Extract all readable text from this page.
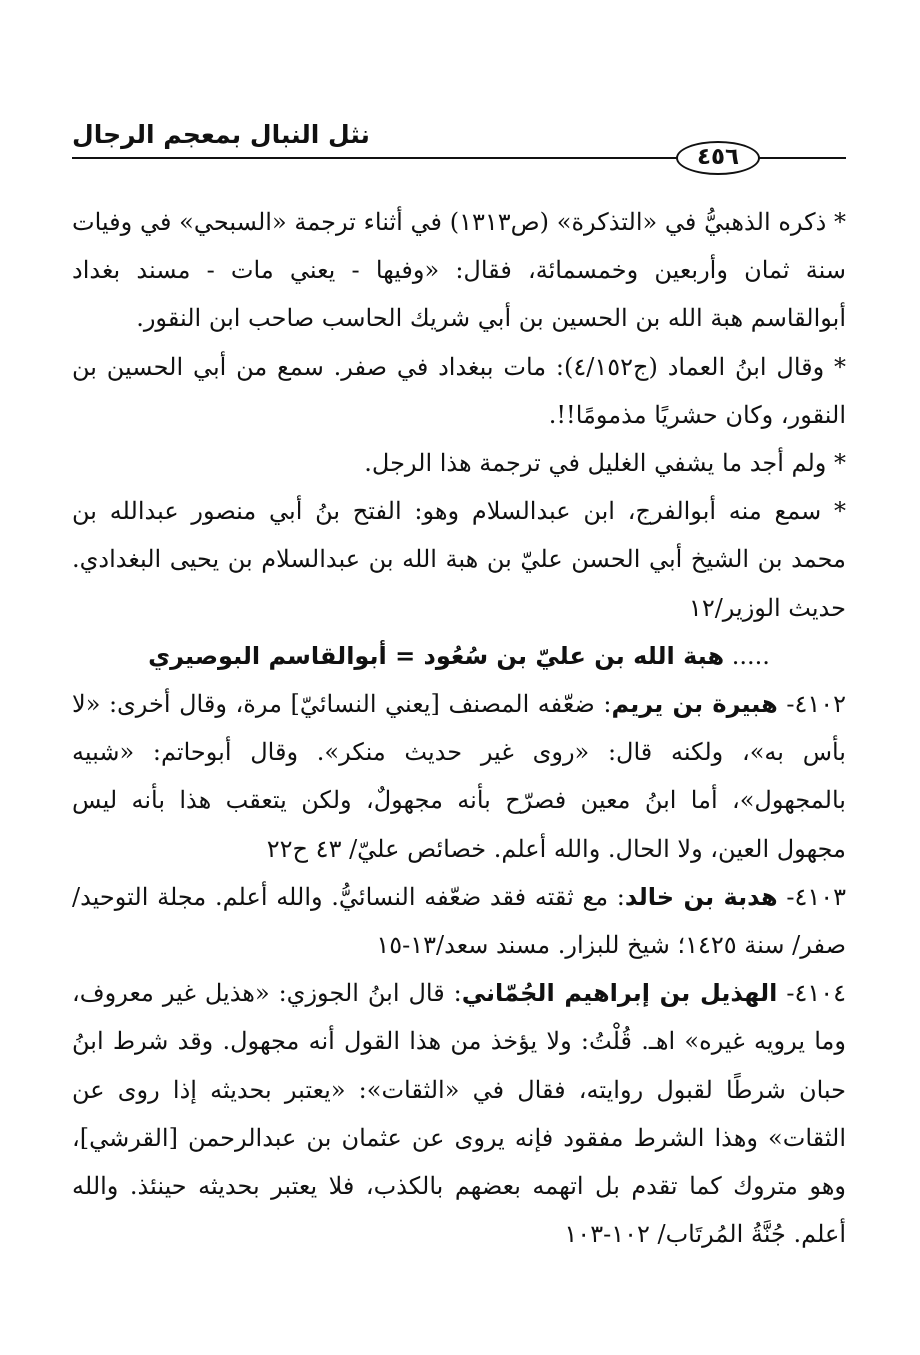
نثل النبال بمعجم الرجال
٤٥٦

* ذكره الذهبيُّ في «التذكرة» (ص١٣١٣) في أثناء ترجمة «السبحي» في وفيات سنة ثمان وأربعين وخمسمائة، فقال: «وفيها - يعني مات - مسند بغداد أبوالقاسم هبة الله بن الحسين بن أبي شريك الحاسب صاحب ابن النقور.

* وقال ابنُ العماد (ج٤/١٥٢): مات ببغداد في صفر. سمع من أبي الحسين بن النقور، وكان حشريًا مذمومًا!!.

* ولم أجد ما يشفي الغليل في ترجمة هذا الرجل.

* سمع منه أبوالفرج، ابن عبدالسلام وهو: الفتح بنُ أبي منصور عبدالله بن محمد بن الشيخ أبي الحسن عليّ بن هبة الله بن عبدالسلام بن يحيى البغدادي. حديث الوزير/١٢

..... هبة الله بن عليّ بن سُعُود = أبوالقاسم البوصيري

٤١٠٢- هبيرة بن يريم: ضعّفه المصنف [يعني النسائيّ] مرة، وقال أخرى: «لا بأس به»، ولكنه قال: «روى غير حديث منكر». وقال أبوحاتم: «شبيه بالمجهول»، أما ابنُ معين فصرّح بأنه مجهولٌ، ولكن يتعقب هذا بأنه ليس مجهول العين، ولا الحال. والله أعلم. خصائص عليّ/ ٤٣ ح٢٢

٤١٠٣- هدبة بن خالد: مع ثقته فقد ضعّفه النسائيُّ. والله أعلم. مجلة التوحيد/ صفر/ سنة ١٤٢٥؛ شيخ للبزار. مسند سعد/١٣-١٥

٤١٠٤- الهذيل بن إبراهيم الجُمّاني: قال ابنُ الجوزي: «هذيل غير معروف، وما يرويه غيره» اهـ. قُلْتُ: ولا يؤخذ من هذا القول أنه مجهول. وقد شرط ابنُ حبان شرطًا لقبول روايته، فقال في «الثقات»: «يعتبر بحديثه إذا روى عن الثقات» وهذا الشرط مفقود فإنه يروى عن عثمان بن عبدالرحمن [القرشي]، وهو متروك كما تقدم بل اتهمه بعضهم بالكذب، فلا يعتبر بحديثه حينئذ. والله أعلم. جُنَّةُ المُرتَاب/ ١٠٢-١٠٣
